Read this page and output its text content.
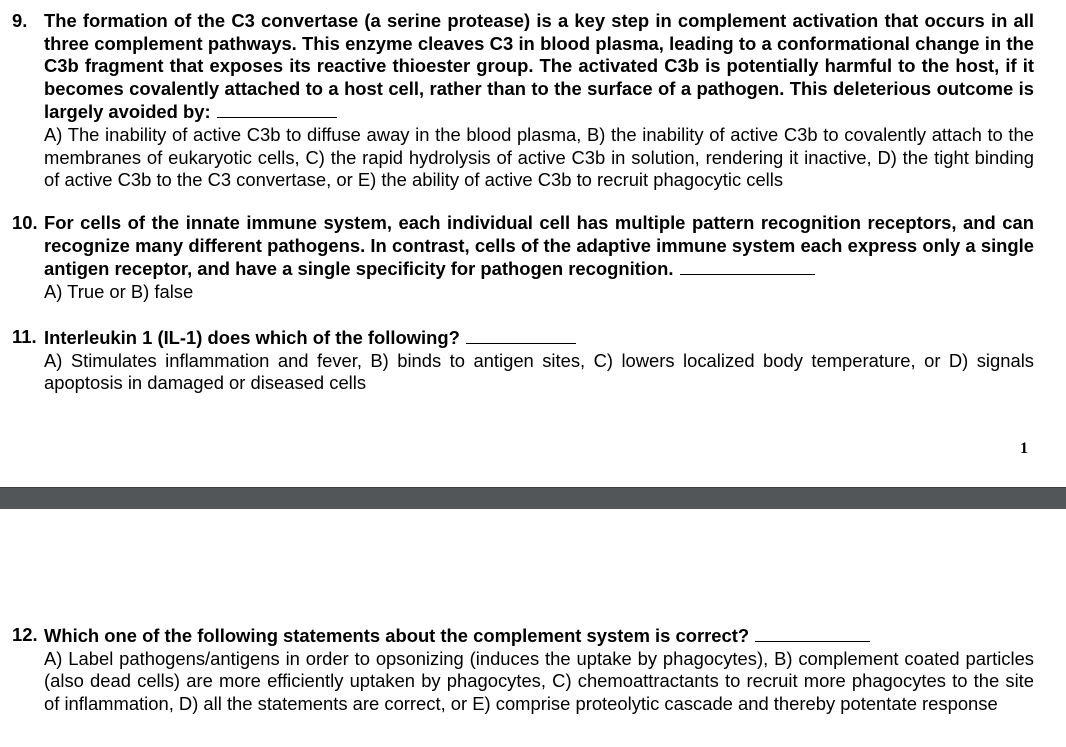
9. The formation of the C3 convertase (a serine protease) is a key step in complement activation that occurs in all three complement pathways. This enzyme cleaves C3 in blood plasma, leading to a conformational change in the C3b fragment that exposes its reactive thioester group. The activated C3b is potentially harmful to the host, if it becomes covalently attached to a host cell, rather than to the surface of a pathogen. This deleterious outcome is largely avoided by:
A) The inability of active C3b to diffuse away in the blood plasma, B) the inability of active C3b to covalently attach to the membranes of eukaryotic cells, C) the rapid hydrolysis of active C3b in solution, rendering it inactive, D) the tight binding of active C3b to the C3 convertase, or E) the ability of active C3b to recruit phagocytic cells
10. For cells of the innate immune system, each individual cell has multiple pattern recognition receptors, and can recognize many different pathogens. In contrast, cells of the adaptive immune system each express only a single antigen receptor, and have a single specificity for pathogen recognition.
A) True or B) false
11. Interleukin 1 (IL-1) does which of the following?
A) Stimulates inflammation and fever, B) binds to antigen sites, C) lowers localized body temperature, or D) signals apoptosis in damaged or diseased cells
1
12. Which one of the following statements about the complement system is correct?
A) Label pathogens/antigens in order to opsonizing (induces the uptake by phagocytes), B) complement coated particles (also dead cells) are more efficiently uptaken by phagocytes, C) chemoattractants to recruit more phagocytes to the site of inflammation, D) all the statements are correct, or E) comprise proteolytic cascade and thereby potentate response
